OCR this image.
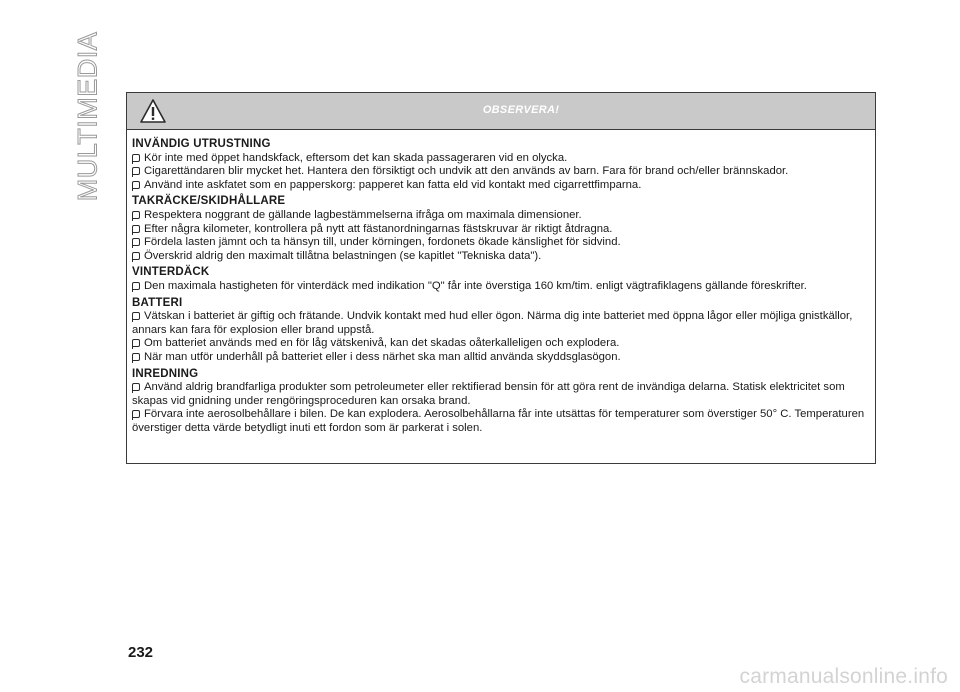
MULTIMEDIA	OBSERVERA!
INVÄNDIG UTRUSTNING
Kör inte med öppet handskfack, eftersom det kan skada passageraren vid en olycka.
Cigarettändaren blir mycket het. Hantera den försiktigt och undvik att den används av barn. Fara för brand och/eller brännskador.
Använd inte askfatet som en papperskorg: papperet kan fatta eld vid kontakt med cigarrettfimparna.
TAKRÄCKE/SKIDHÅLLARE
Respektera noggrant de gällande lagbestämmelserna ifråga om maximala dimensioner.
Efter några kilometer, kontrollera på nytt att fästanordningarnas fästskruvar är riktigt åtdragna.
Fördela lasten jämnt och ta hänsyn till, under körningen, fordonets ökade känslighet för sidvind.
Överskrid aldrig den maximalt tillåtna belastningen (se kapitlet "Tekniska data").
VINTERDÄCK
Den maximala hastigheten för vinterdäck med indikation "Q" får inte överstiga 160 km/tim. enligt vägtrafiklagens gällande föreskrifter.
BATTERI
Vätskan i batteriet är giftig och frätande. Undvik kontakt med hud eller ögon. Närma dig inte batteriet med öppna lågor eller möjliga gnistkällor, annars kan fara för explosion eller brand uppstå.
Om batteriet används med en för låg vätskenivå, kan det skadas oåterkalleligen och explodera.
När man utför underhåll på batteriet eller i dess närhet ska man alltid använda skyddsglasögon.
INREDNING
Använd aldrig brandfarliga produkter som petroleumeter eller rektifierad bensin för att göra rent de invändiga delarna. Statisk elektricitet som skapas vid gnidning under rengöringsproceduren kan orsaka brand.
Förvara inte aerosolbehållare i bilen. De kan explodera. Aerosolbehållarna får inte utsättas för temperaturer som överstiger 50° C. Temperaturen överstiger detta värde betydligt inuti ett fordon som är parkerat i solen.
232
carmanualsonline.info
